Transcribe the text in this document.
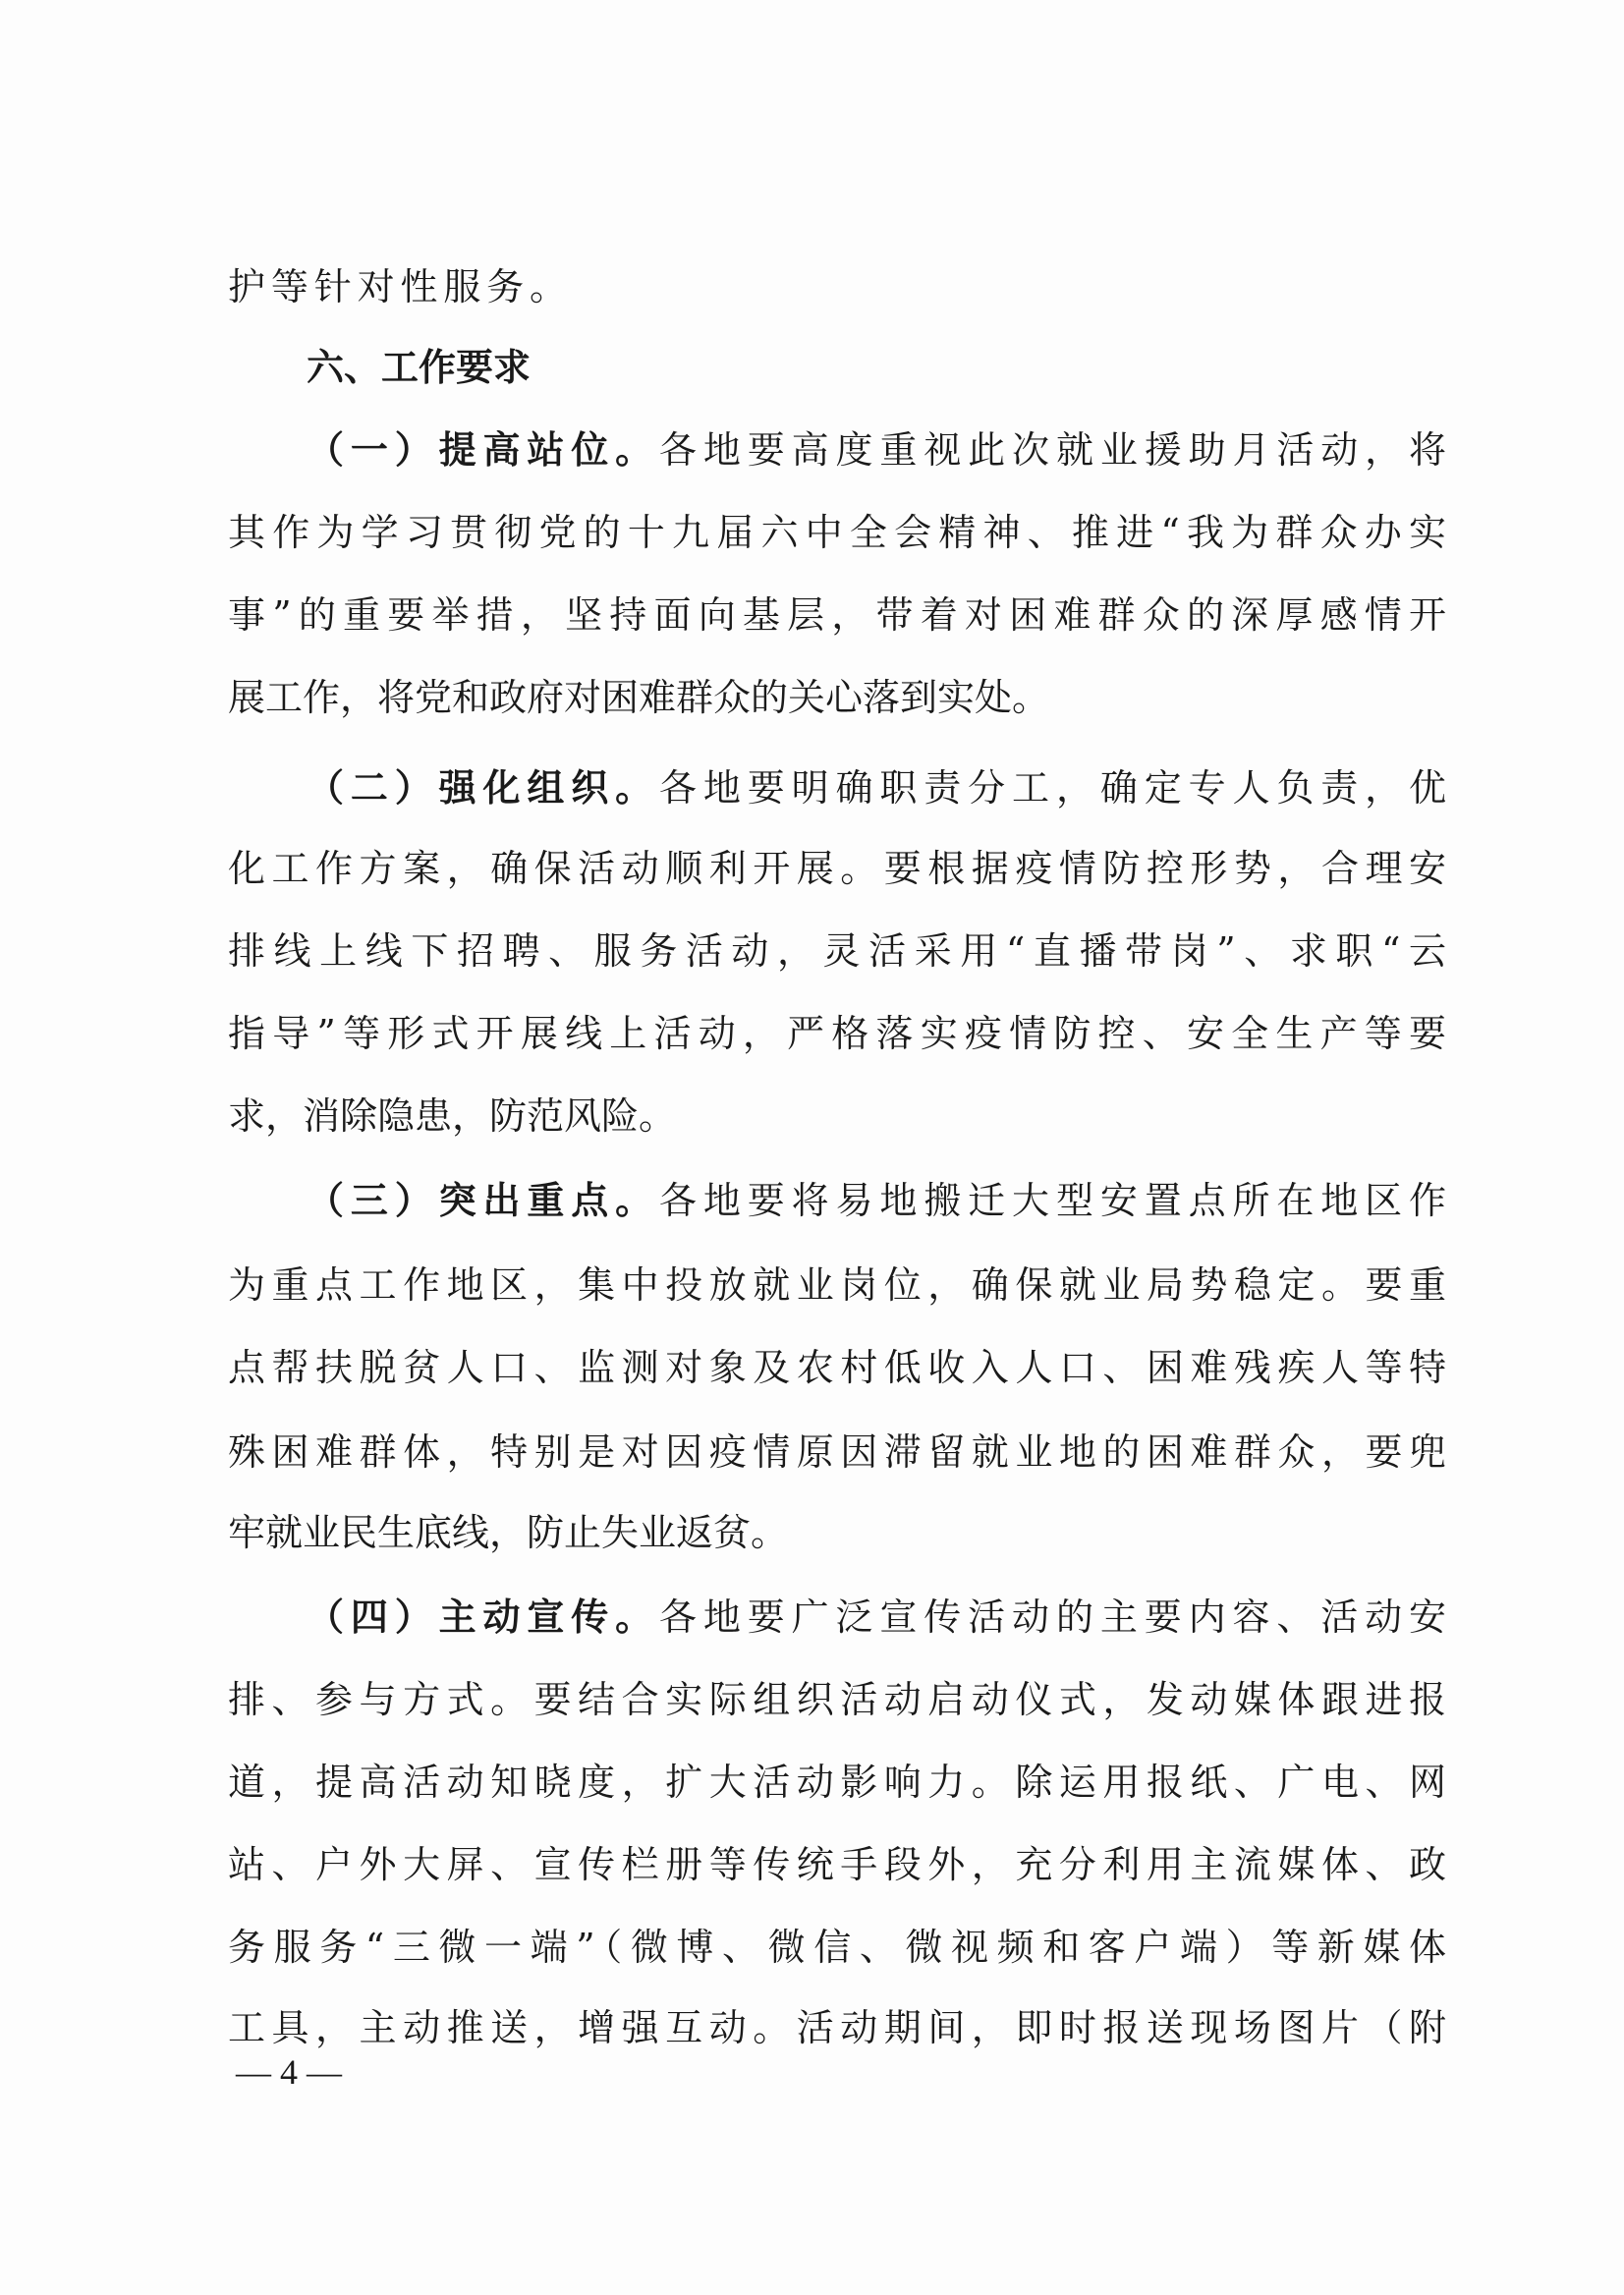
护等针对性服务。
六、工作要求
（一）提高站位。各地要高度重视此次就业援助月活动，将
其作为学习贯彻党的十九届六中全会精神、推进“我为群众办实
事”的重要举措，坚持面向基层，带着对困难群众的深厚感情开
展工作，将党和政府对困难群众的关心落到实处。
（二）强化组织。各地要明确职责分工，确定专人负责，优
化工作方案，确保活动顺利开展。要根据疫情防控形势，合理安
排线上线下招聘、服务活动，灵活采用“直播带岗”、求职“云
指导”等形式开展线上活动，严格落实疫情防控、安全生产等要
求，消除隐患，防范风险。
（三）突出重点。各地要将易地搬迁大型安置点所在地区作
为重点工作地区，集中投放就业岗位，确保就业局势稳定。要重
点帮扶脱贫人口、监测对象及农村低收入人口、困难残疾人等特
殊困难群体，特别是对因疫情原因滞留就业地的困难群众，要兜
牢就业民生底线，防止失业返贫。
（四）主动宣传。各地要广泛宣传活动的主要内容、活动安
排、参与方式。要结合实际组织活动启动仪式，发动媒体跟进报
道，提高活动知晓度，扩大活动影响力。除运用报纸、广电、网
站、户外大屏、宣传栏册等传统手段外，充分利用主流媒体、政
务服务“三微一端”（微博、微信、微视频和客户端）等新媒体
工具，主动推送，增强互动。活动期间，即时报送现场图片（附
— 4 —
